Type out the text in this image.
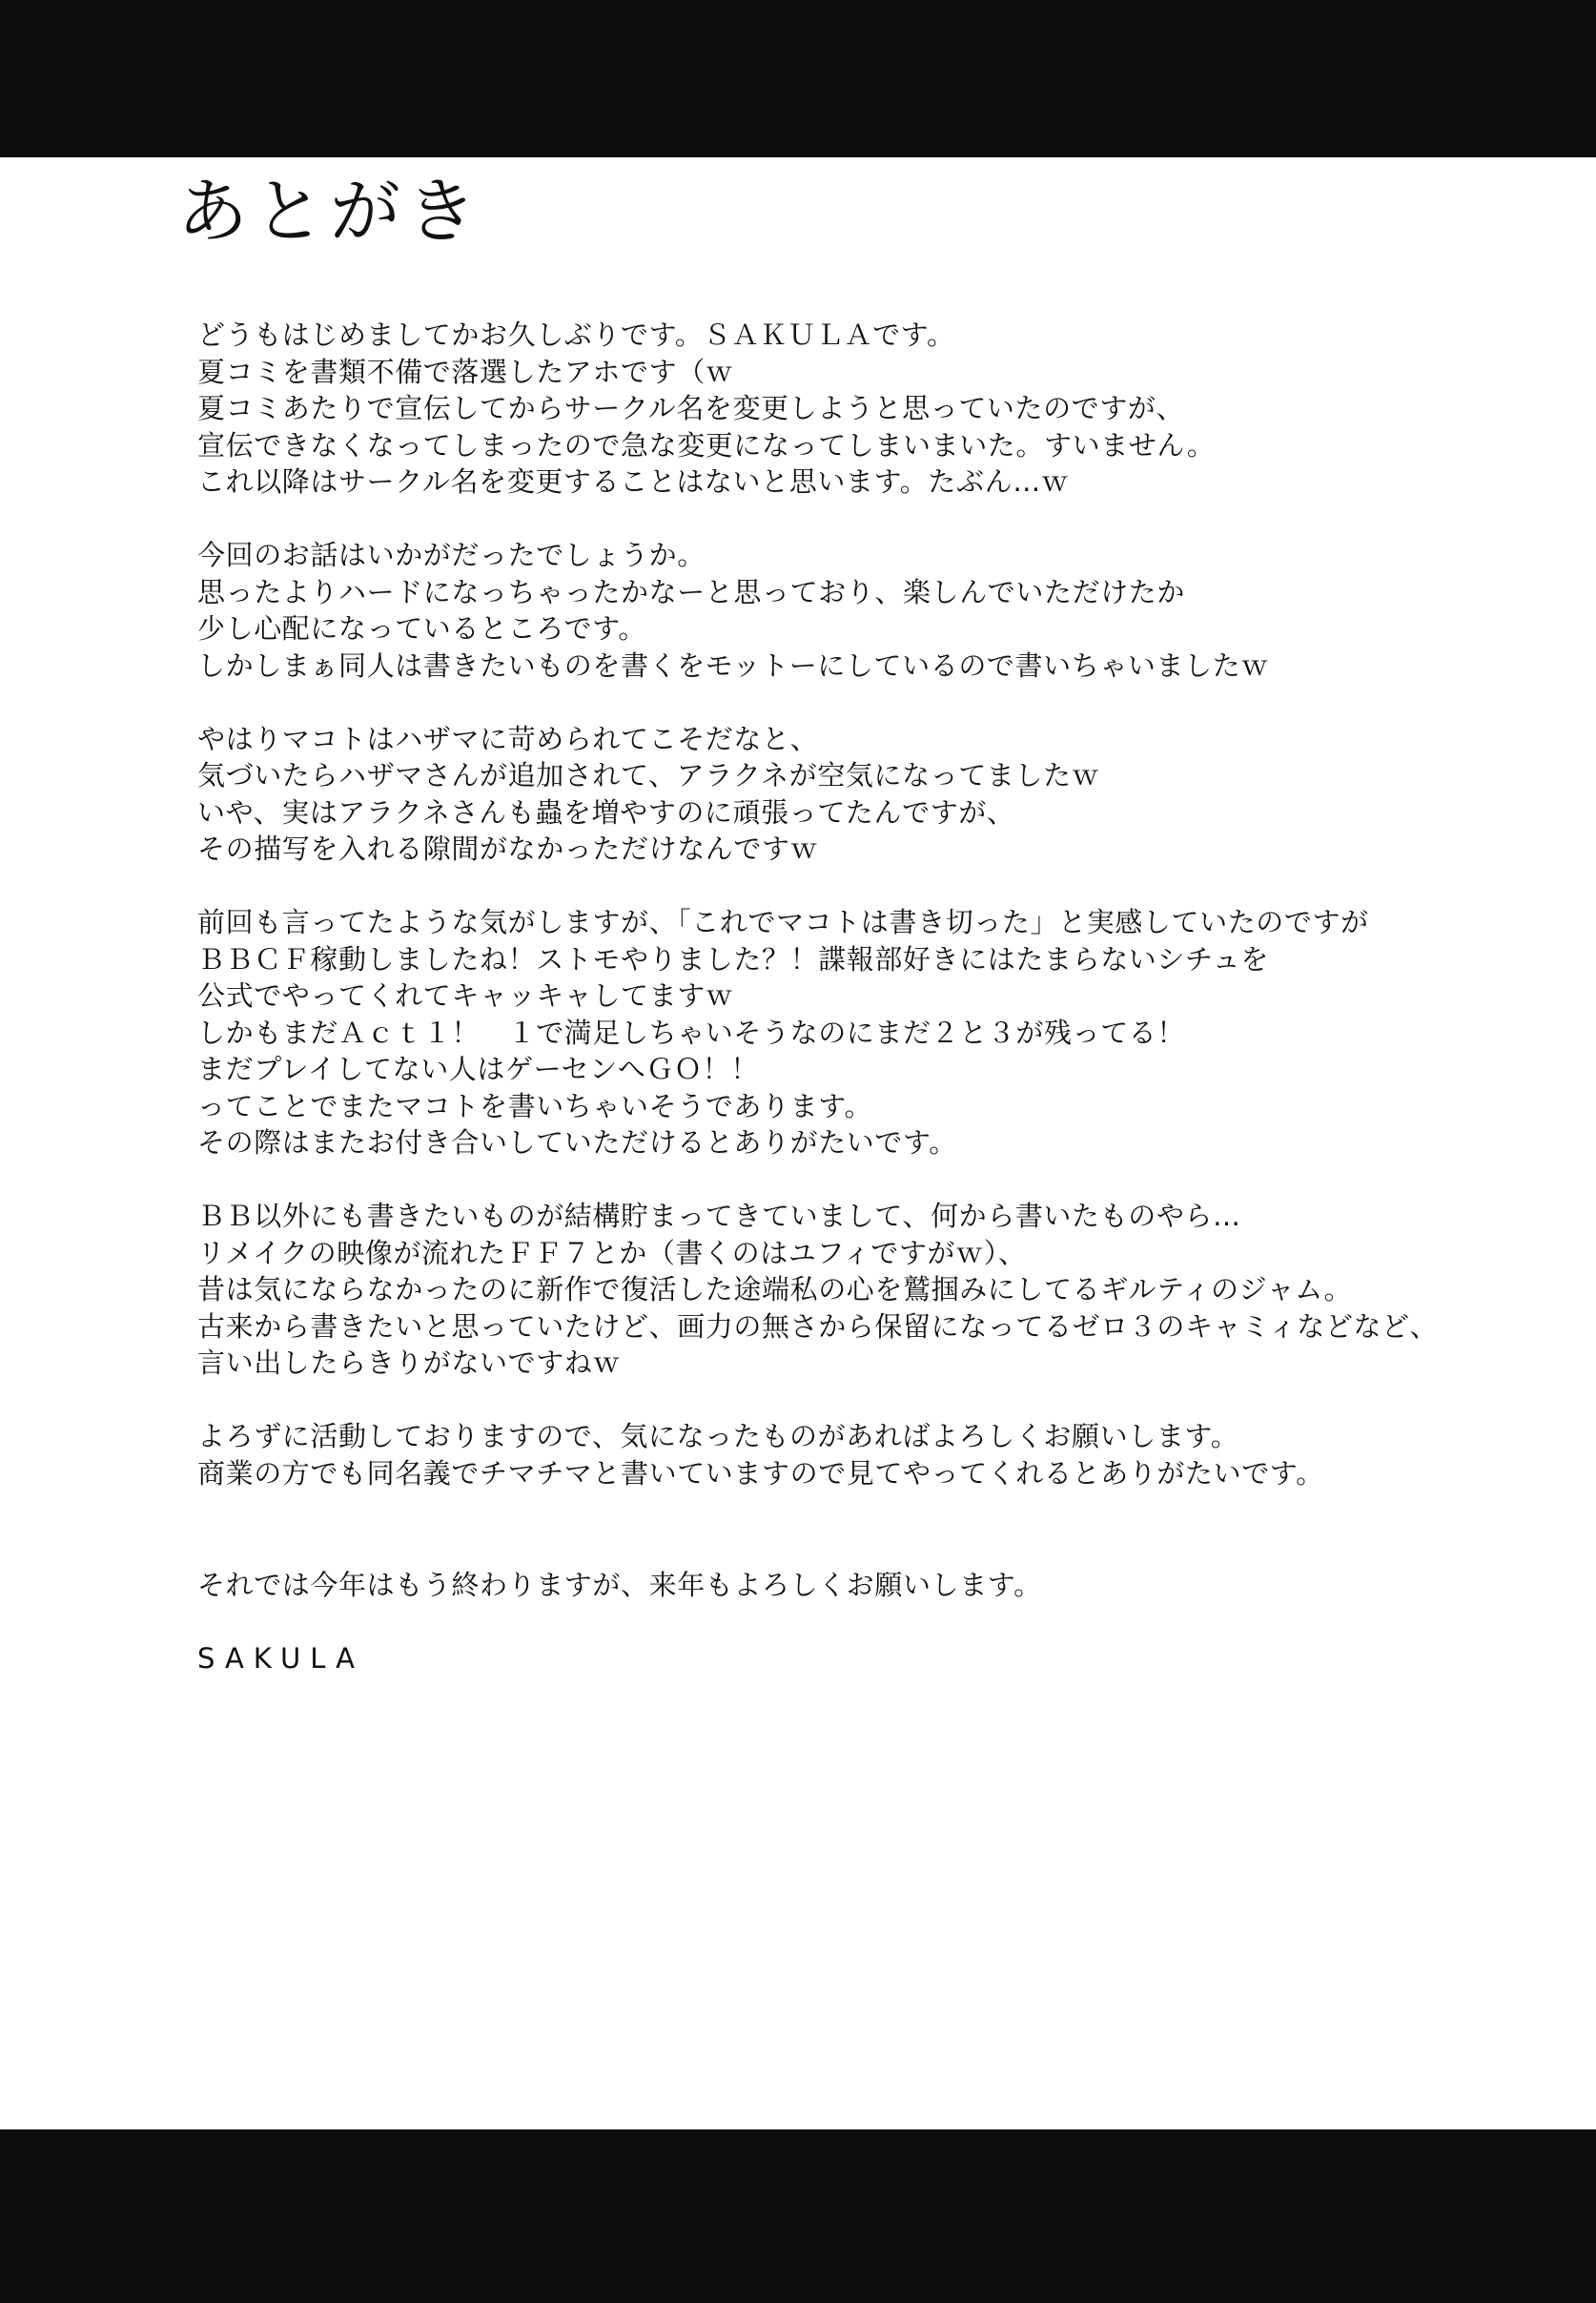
あとがき
どうもはじめましてかお久しぶりです。ＳＡＫＵＬＡです。
夏コミを書類不備で落選したアホです（ｗ
夏コミあたりで宣伝してからサークル名を変更しようと思っていたのですが、
宣伝できなくなってしまったので急な変更になってしまいまいた。すいません。
これ以降はサークル名を変更することはないと思います。たぶん…ｗ
今回のお話はいかがだったでしょうか。
思ったよりハードになっちゃったかなーと思っており、楽しんでいただけたか
少し心配になっているところです。
しかしまぁ同人は書きたいものを書くをモットーにしているので書いちゃいましたｗ
やはりマコトはハザマに苛められてこそだなと、
気づいたらハザマさんが追加されて、アラクネが空気になってましたｗ
いや、実はアラクネさんも蟲を増やすのに頑張ってたんですが、
その描写を入れる隙間がなかっただけなんですｗ
前回も言ってたような気がしますが、「これでマコトは書き切った」と実感していたのですが
ＢＢＣＦ稼動しましたね！ストモやりました？！諜報部好きにはたまらないシチュを
公式でやってくれてキャッキャしてますｗ
しかもまだＡｃｔ１！　１で満足しちゃいそうなのにまだ２と３が残ってる！
まだプレイしてない人はゲーセンへＧＯ！！
ってことでまたマコトを書いちゃいそうであります。
その際はまたお付き合いしていただけるとありがたいです。
ＢＢ以外にも書きたいものが結構貯まってきていまして、何から書いたものやら…
リメイクの映像が流れたＦＦ７とか（書くのはユフィですがｗ）、
昔は気にならなかったのに新作で復活した途端私の心を鷲掴みにしてるギルティのジャム。
古来から書きたいと思っていたけど、画力の無さから保留になってるゼロ３のキャミィなどなど、
言い出したらきりがないですねｗ
よろずに活動しておりますので、気になったものがあればよろしくお願いします。
商業の方でも同名義でチマチマと書いていますので見てやってくれるとありがたいです。
それでは今年はもう終わりますが、来年もよろしくお願いします。

SAKULA
